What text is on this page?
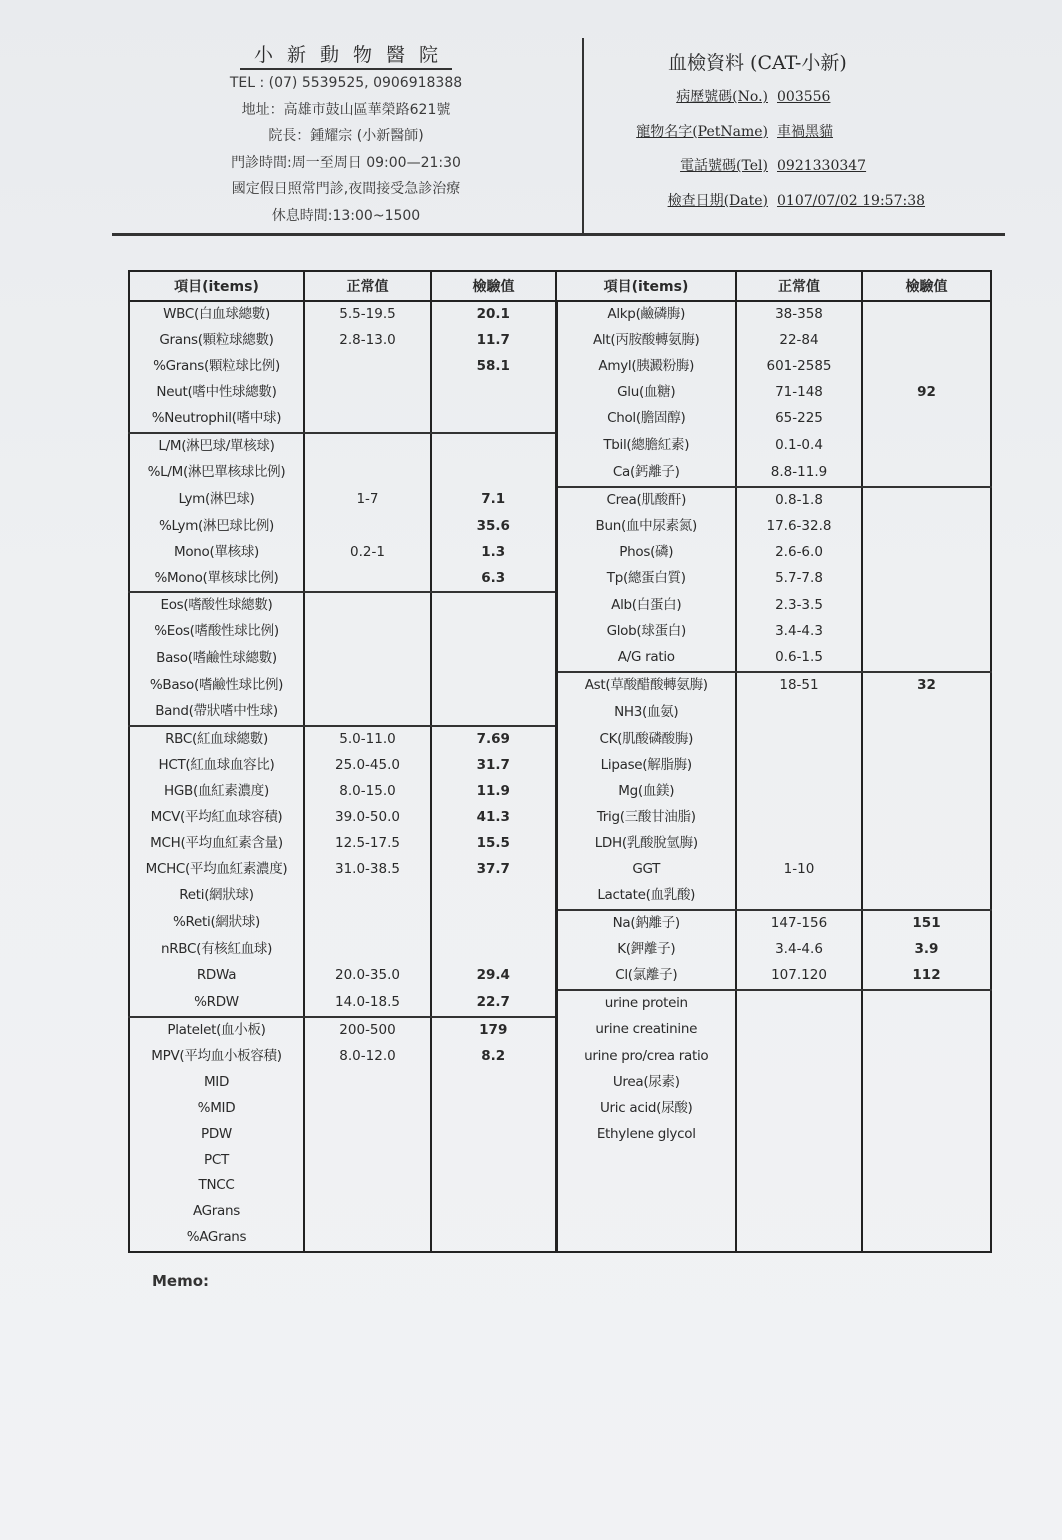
小新動物醫院
TEL : (07) 5539525, 0906918388
地址：高雄市鼓山區華榮路621號
院長：鍾耀宗 (小新醫師)
門診時間:周一至周日 09:00—21:30
國定假日照常門診,夜間接受急診治療
休息時間:13:00~1500
血檢資料 (CAT-小新)
病歷號碼(No.) 003556
寵物名字(PetName) 車禍黑貓
電話號碼(Tel) 0921330347
檢查日期(Date) 0107/07/02 19:57:38
項目(items)	正常值	檢驗值	項目(items)	正常值	檢驗值
WBC(白血球總數)	5.5-19.5	20.1	Alkp(鹼磷脢)	38-358	
Grans(顆粒球總數)	2.8-13.0	11.7	Alt(丙胺酸轉氨脢)	22-84	
%Grans(顆粒球比例)		58.1	Amyl(胰澱粉脢)	601-2585	
Neut(嗜中性球總數)			Glu(血糖)	71-148	92
%Neutrophil(嗜中球)			Chol(膽固醇)	65-225	
L/M(淋巴球/單核球)			Tbil(總膽紅素)	0.1-0.4	
%L/M(淋巴單核球比例)			Ca(鈣離子)	8.8-11.9	
Lym(淋巴球)	1-7	7.1	Crea(肌酸酐)	0.8-1.8	
%Lym(淋巴球比例)		35.6	Bun(血中尿素氮)	17.6-32.8	
Mono(單核球)	0.2-1	1.3	Phos(磷)	2.6-6.0	
%Mono(單核球比例)		6.3	Tp(總蛋白質)	5.7-7.8	
Eos(嗜酸性球總數)			Alb(白蛋白)	2.3-3.5	
%Eos(嗜酸性球比例)			Glob(球蛋白)	3.4-4.3	
Baso(嗜鹼性球總數)			A/G ratio	0.6-1.5	
%Baso(嗜鹼性球比例)			Ast(草酸醋酸轉氨脢)	18-51	32
Band(帶狀嗜中性球)			NH3(血氨)		
RBC(紅血球總數)	5.0-11.0	7.69	CK(肌酸磷酸脢)		
HCT(紅血球血容比)	25.0-45.0	31.7	Lipase(解脂脢)		
HGB(血紅素濃度)	8.0-15.0	11.9	Mg(血鎂)		
MCV(平均紅血球容積)	39.0-50.0	41.3	Trig(三酸甘油脂)		
MCH(平均血紅素含量)	12.5-17.5	15.5	LDH(乳酸脫氫脢)		
MCHC(平均血紅素濃度)	31.0-38.5	37.7	GGT	1-10	
Reti(網狀球)			Lactate(血乳酸)		
%Reti(網狀球)			Na(鈉離子)	147-156	151
nRBC(有核紅血球)			K(鉀離子)	3.4-4.6	3.9
RDWa	20.0-35.0	29.4	Cl(氯離子)	107.120	112
%RDW	14.0-18.5	22.7	urine protein		
Platelet(血小板)	200-500	179	urine creatinine		
MPV(平均血小板容積)	8.0-12.0	8.2	urine pro/crea ratio		
MID			Urea(尿素)		
%MID			Uric acid(尿酸)		
PDW			Ethylene glycol		
PCT					
TNCC					
AGrans					
%AGrans					
Memo:
